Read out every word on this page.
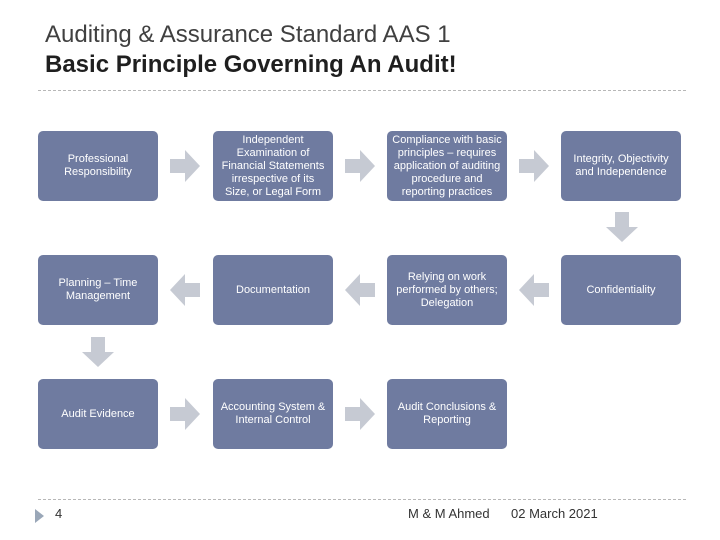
Auditing & Assurance Standard AAS 1
Basic Principle Governing An Audit!
Professional Responsibility
Independent Examination of Financial Statements irrespective of its Size, or Legal Form
Compliance with basic principles – requires application of auditing procedure and reporting practices
Integrity, Objectivity and Independence
Planning – Time Management
Documentation
Relying on work performed by others; Delegation
Confidentiality
Audit Evidence
Accounting System & Internal Control
Audit Conclusions & Reporting
4	M & M Ahmed 02 March 2021
